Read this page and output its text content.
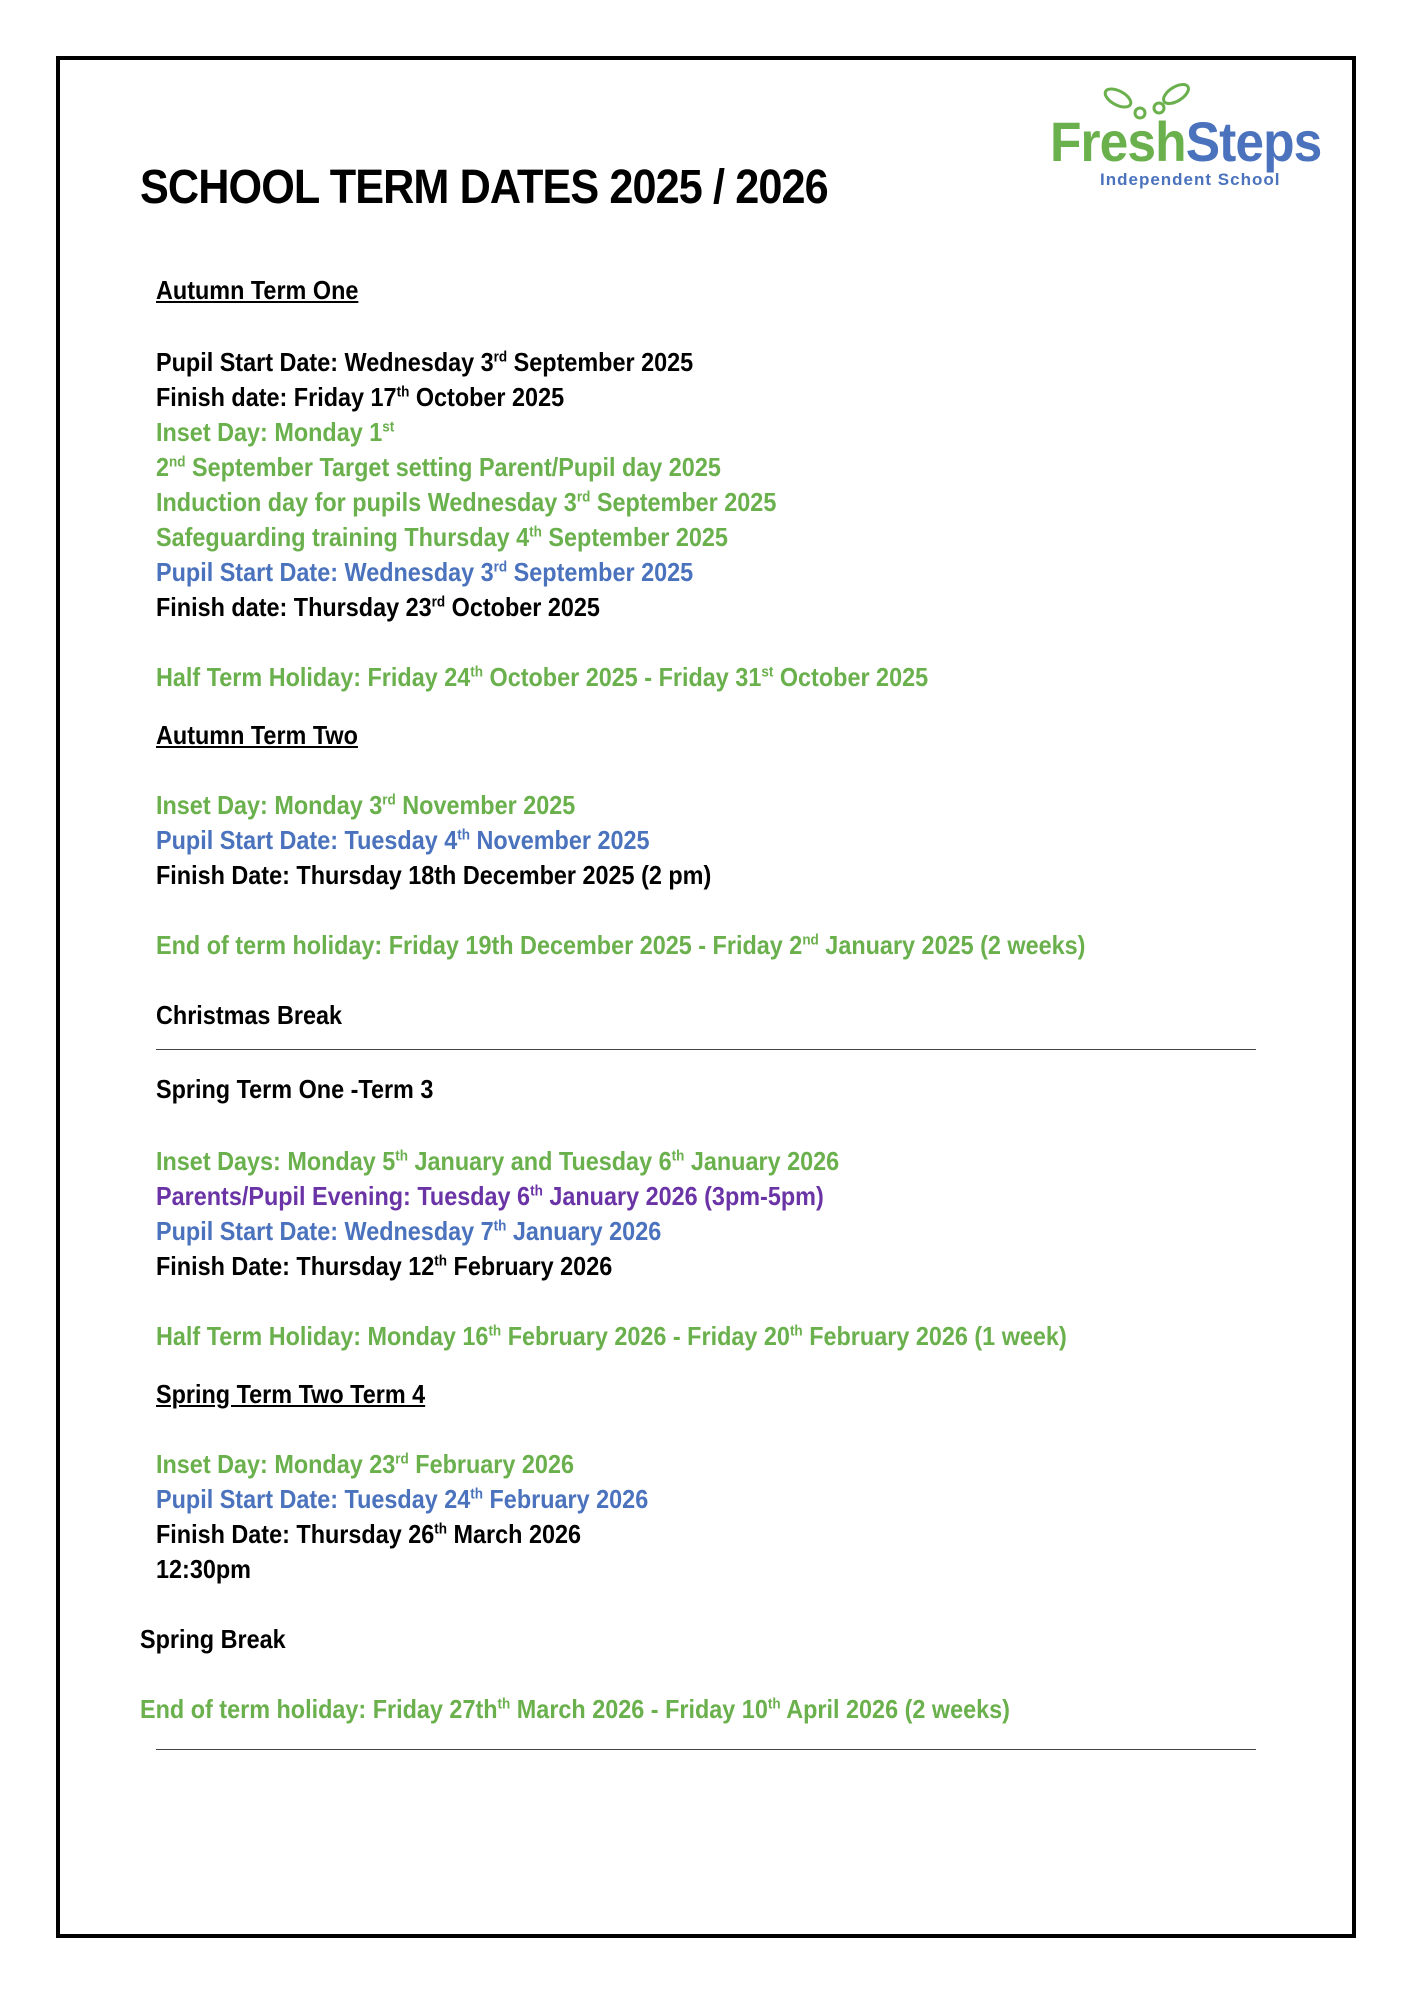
FreshSteps
Independent School
SCHOOL TERM DATES 2025 / 2026

Autumn Term One

Pupil Start Date: Wednesday 3rd September 2025

Finish date: Friday 17th October 2025

Inset Day: Monday 1st

2nd September Target setting Parent/Pupil day 2025

Induction day for pupils Wednesday 3rd September 2025

Safeguarding training Thursday 4th September 2025

Pupil Start Date: Wednesday 3rd September 2025

Finish date: Thursday 23rd October 2025

Half Term Holiday: Friday 24th October 2025 - Friday 31st October 2025

Autumn Term Two

Inset Day: Monday 3rd November 2025

Pupil Start Date: Tuesday 4th November 2025

Finish Date: Thursday 18th December 2025 (2 pm)

End of term holiday: Friday 19th December 2025 - Friday 2nd January 2025 (2 weeks)

Christmas Break

Spring Term One -Term 3

Inset Days: Monday 5th January and Tuesday 6th January 2026

Parents/Pupil Evening: Tuesday 6th January 2026 (3pm-5pm)

Pupil Start Date: Wednesday 7th January 2026

Finish Date: Thursday 12th February 2026

Half Term Holiday: Monday 16th February 2026 - Friday 20th February 2026 (1 week)

Spring Term Two Term 4

Inset Day: Monday 23rd February 2026

Pupil Start Date: Tuesday 24th February 2026

Finish Date: Thursday 26th March 2026

12:30pm

Spring Break

End of term holiday: Friday $27th^{th}$ March 2026 - Friday 10th April 2026 (2 weeks)
